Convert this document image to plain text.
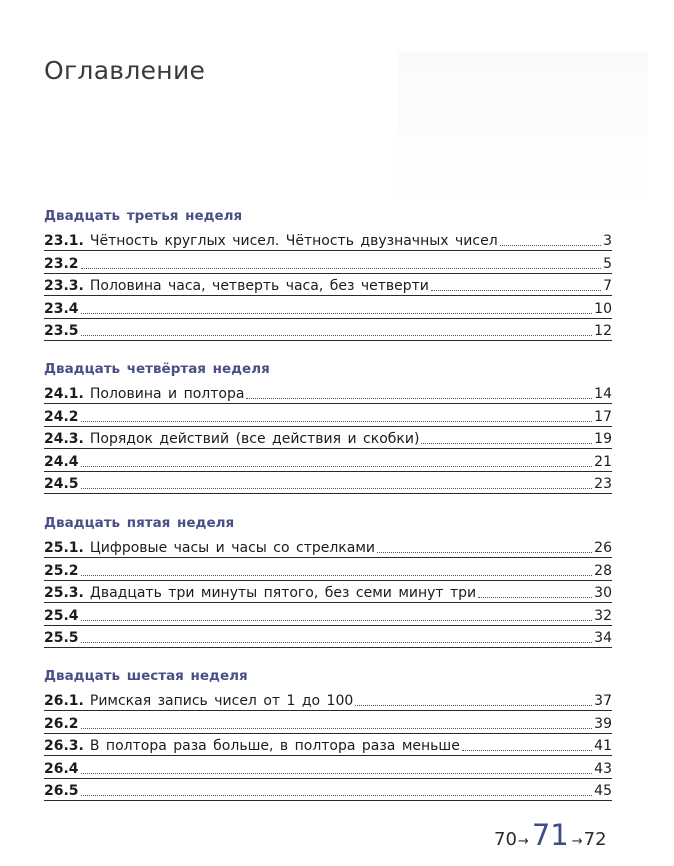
Оглавление
Двадцать третья неделя
23.1. Чётность круглых чисел. Чётность двузначных чисел	3
23.2	5
23.3. Половина часа, четверть часа, без четверти	7
23.4	10
23.5	12
Двадцать четвёртая неделя
24.1. Половина и полтора	14
24.2	17
24.3. Порядок действий (все действия и скобки)	19
24.4	21
24.5	23
Двадцать пятая неделя
25.1. Цифровые часы и часы со стрелками	26
25.2	28
25.3. Двадцать три минуты пятого, без семи минут три	30
25.4	32
25.5	34
Двадцать шестая неделя
26.1. Римская запись чисел от 1 до 100	37
26.2	39
26.3. В полтора раза больше, в полтора раза меньше	41
26.4	43
26.5	45
70 → 71 → 72
